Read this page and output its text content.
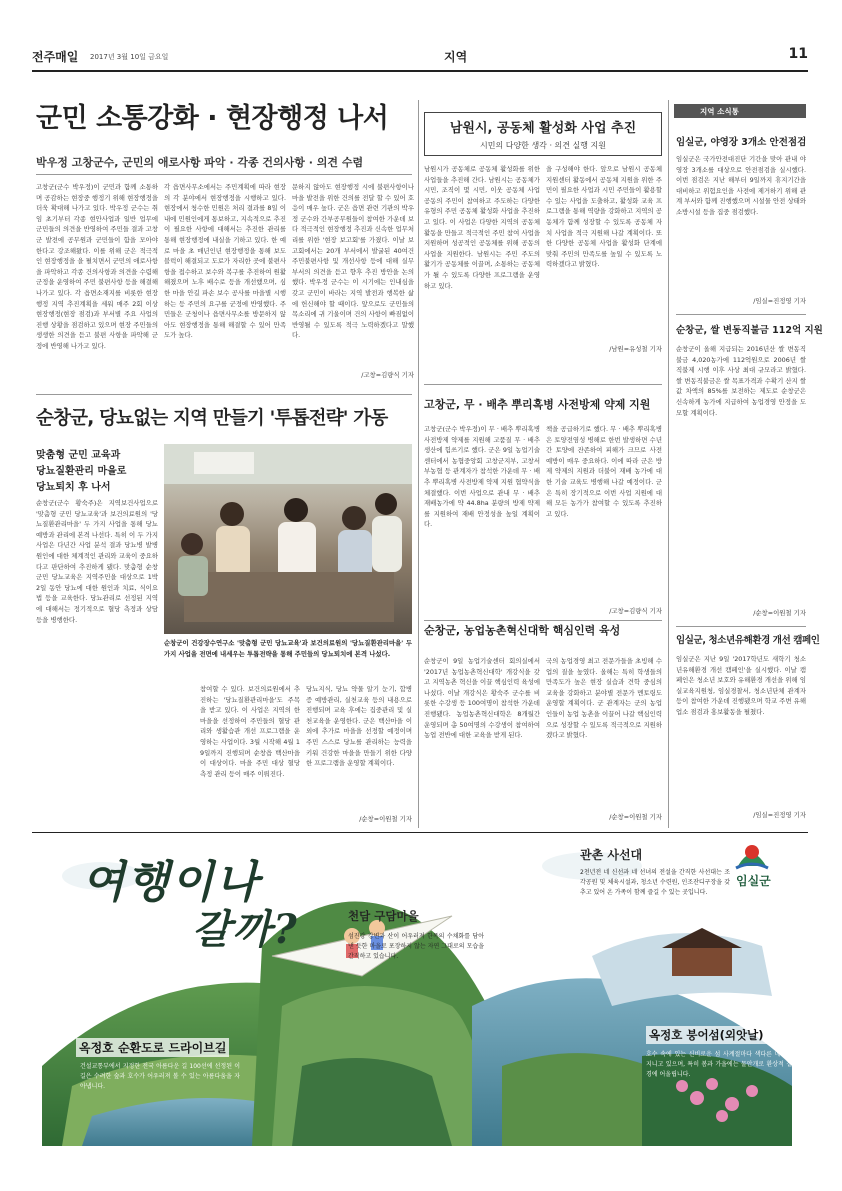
전주매일 2017년 3월 10일 금요일	지역	11
군민 소통강화 · 현장행정 나서
박우정 고창군수, 군민의 애로사항 파악 · 각종 건의사항 · 의견 수렴
고창군(군수 박우정)이 군민과 함께 소통하며 공감하는 현장중 행정기 위해 현장행정을 더욱 확대해 나가고 있다. 박우정 군수는 취임 초기부터 각종 현안사업과 일반 업무에 군민들의 의견을 반영하여 주민들 결과 고창군 발전에 공무원과 군민들이 함을 모아야 한다고 강조해왔다. 이를 위해 군은 적극적인 현장행정을 을 펼치면서 군민의 애로사항을 파악하고 각종 건의사항과 의견을 수렴해 군정을 운영하여 주민 불편사항 등을 해결해 나가고 있다. 각 읍면소재지를 비롯한 현장행정 지역 추진계획을 세워 매주 2회 이상 현장행정(현장 점검)과 부서별 주요 사업의 진행 상황을 점검하고 있으며 현장 주민들의 생생한 의견을 듣고 불편 사항을 파악해 군정에 반영해 나가고 있다.
각 읍면사무소에서는 주민계획에 따라 현장의 각 분야에서 현장행정을 시행하고 있다. 현장에서 청수한 민원은 처리 결과를 8일 이내에 민원인에게 통보하고, 지속적으로 추진이 필요한 사항에 대해서는 추진한 관리를 통해 현장행정에 내실을 기하고 있다. 한 예로 마을 초 매년인년 현장행정을 통해 보도블럭이 해결되고 도로가 자리한 곳에 불편사항을 접수하고 보수와 복구를 추진하여 원활해졌으며 노후 배수로 등을 개선했으며, 심한 마을 안길 파손 보수 공사를 마을별 시행하는 등 주민의 요구를 군정에 반영했다. 주민들은 군청이나 읍면사무소를 방문하지 않아도 현장행정을 통해 해결할 수 있어 만족도가 높다.
문하지 않아도 현장행정 시에 불편사항이나 마을 발전을 위한 건의를 전달 할 수 있어 호응이 매우 높다. 군은 읍면 관련 기관의 박우정 군수와 간부공무원들이 참여한 가운데 보다 적극적인 현장행정 추진과 신속한 업무처리를 위한 '현장 보고회'를 가졌다. 이날 보고회에서는 20개 부서에서 발굴된 40여건 주민불편사항 및 개선사항 등에 대해 실무 부서의 의견을 듣고 향후 추진 방안을 논의했다. 박우정 군수는 이 시기에는 인내심을 갖고 군민이 바라는 지역 발전과 행복한 삶에 헌신해야 할 때이다. 앞으로도 군민들의 목소리에 귀 기울이며 건의 사항이 빠짐없이 반영될 수 있도록 적극 노력하겠다고 말했다.
/고창=김량식 기자
남원시, 공동체 활성화 사업 추진
시민의 다양한 생각 · 의견 실행 지원
남원시가 공동체로 공동체 활성화를 위한 사업들을 추진해 간다. 남원시는 공동체가 시민, 조직이 몇 시민, 이웃 공동체 사업 공동의 주민이 참여하고 주도하는 다양한 유형의 주민 공동체 활성화 사업을 추진하고 있다. 이 사업은 다양한 지역의 공동체 활동을 만들고 적극적인 주민 참여 사업을 지원하며 성공적인 공동체를 위해 공동의 사업을 지원한다. 남원시는 주민 주도의 활기가 공동체를 이끌며, 소통하는 공동체가 될 수 있도록 다양한 프로그램을 운영하고 있다.
을 구성해야 한다. 앞으로 남원시 공동체 지원센터 활동에서 공동체 지원을 위한 주민이 필요한 사업과 시민 주민들이 활용할 수 있는 사업을 도출하고, 활성화 교육 프로그램을 통해 역량을 강화하고 지역의 공동체가 함께 성장할 수 있도록 공동체 자치 사업을 적극 지원해 나갈 계획이다. 또한 다양한 공동체 사업을 활성화 단계에 맞춰 주민의 만족도를 높일 수 있도록 노력하겠다고 밝혔다.
/남원=유성철 기자
고창군, 무 · 배추 뿌리혹병 사전방제 약제 지원
고창군(군수 박우정)이 무 · 배추 뿌리혹병 사전방제 약제를 지원해 고품질 무 · 배추 생산에 힘쓰기로 했다. 군은 9일 농업기술센터에서 농협중앙회 고창군지부, 고창서부농협 등 관계자가 참석한 가운데 무 · 배추 뿌리혹병 사전방제 약제 지원 협약식을 체결했다. 이번 사업으로 관내 무 · 배추 재배농가에 약 44.8ha 분량의 방제 약제를 지원하여 재배 안정성을 높일 계획이다.
책을 공급하기로 했다. 무 · 배추 뿌리혹병은 토양전염성 병해로 한번 발생하면 수년간 토양에 잔존하여 피해가 크므로 사전 예방이 매우 중요하다. 이에 따라 군은 방제 약제의 지원과 더불어 재배 농가에 대한 기술 교육도 병행해 나갈 예정이다. 군은 특히 장기적으로 이번 사업 지원에 대해 모든 농가가 참여할 수 있도록 추진하고 있다.
/고창=김량식 기자
순창군, 당뇨없는 지역 만들기 '투톱전략' 가동
맞춤형 군민 교육과
당뇨질환관리 마을로
당뇨퇴치 후 나서
순창군(군수 황숙주)은 지역보건사업으로 '맞춤형 군민 당뇨교육'과 보건의료원의 '당뇨질환관리마을' 두 가지 사업을 통해 당뇨 예방과 관리에 본격 나선다. 특히 이 두 가지 사업은 다년간 사업 분석 결과 당뇨병 발병 원인에 대한 체계적인 관리와 교육이 중요하다고 판단하여 추진하게 됐다. 맞춤형 순창군민 당뇨교육은 지역주민을 대상으로 1박 2일 동안 당뇨에 대한 원인과 치료, 식이요법 등을 교육한다. 당뇨관리로 선정된 지역에 대해서는 정기적으로 혈당 측정과 상담 등을 병행한다.
순창군이 건강장수연구소 '맞춤형 군민 당뇨교육'과 보건의료원의 '당뇨질환관리마을' 두가지 사업을 전면에 내세우는 투톱전략을 통해 주민들의 당뇨퇴치에 본격 나섰다.
참여할 수 있다. 보건의료원에서 추진하는 '당뇨질환관리마을'도 주목을 받고 있다. 이 사업은 지역의 한 마을을 선정하여 주민들의 혈당 관리와 생활습관 개선 프로그램을 운영하는 사업이다. 3월 시작해 4월 19일까지 진행되며 순창읍 백산마을이 대상이다. 마을 주민 대상 혈당 측정 관리 등이 매주 이뤄진다.
당뇨지식, 당뇨 약물 알기 눈기, 합병증 예방관리, 실천교육 등의 내용으로 진행되며 교육 후에는 집중관리 및 실천교육을 운영한다. 군은 백산마을 이외에 추가로 마을을 선정할 예정이며 주민 스스로 당뇨를 관리하는 능력을 키워 건강한 마을을 만들기 위한 다양한 프로그램을 운영할 계획이다.
순창군, 농업농촌혁신대학 핵심인력 육성
순창군이 9일 농업기술센터 회의실에서 '2017년 농업농촌혁신대학' 개강식을 갖고 지역농촌 혁신을 이끌 핵심인력 육성에 나섰다. 이날 개강식은 황숙주 군수를 비롯한 수강생 등 100여명이 참석한 가운데 진행됐다. 농업농촌혁신대학은 8개월간 운영되며 총 50여명의 수강생이 참여하여 농업 전반에 대한 교육을 받게 된다.
국의 농업경영 최고 전문가들을 초빙해 수업의 질을 높였다. 올해는 특히 학생들의 만족도가 높은 현장 실습과 견학 중심의 교육을 강화하고 분야별 전문가 멘토링도 운영할 계획이다. 군 관계자는 군의 농업인들이 농업 농촌을 이끌어 나갈 핵심인력으로 성장할 수 있도록 적극적으로 지원하겠다고 밝혔다.
/순창=이원철 기자
/순창=이원철 기자
지역 소식통
임실군, 야영장 3개소 안전점검
임실군은 국가안전대진단 기간을 맞아 관내 야영장 3개소를 대상으로 안전점검을 실시했다. 이번 점검은 지난 해부터 9일까지 휴지기간을 대비하고 위험요인을 사전에 제거하기 위해 관계 부서와 함께 진행했으며 시설물 안전 상태와 소방시설 등을 집중 점검했다.
/임실=진정영 기자
순창군, 쌀 변동직불금 112억 지원
순창군이 올해 지급되는 2016년산 쌀 변동직불금 4,020농가에 112억원으로 2006년 쌀 직불제 시행 이후 사상 최대 규모라고 밝혔다. 쌀 변동직불금은 쌀 목표가격과 수확기 산지 쌀값 차액의 85%를 보전하는 제도로 순창군은 신속하게 농가에 지급하여 농업경영 안정을 도모할 계획이다.
/순창=이원철 기자
임실군, 청소년유해환경 개선 캠페인
임실군은 지난 9일 '2017학년도 새학기 청소년유해환경 개선 캠페인'을 실시했다. 이날 캠페인은 청소년 보호와 유해환경 개선을 위해 임실교육지원청, 임실경찰서, 청소년단체 관계자 등이 참여한 가운데 진행됐으며 학교 주변 유해업소 점검과 홍보활동을 펼쳤다.
/임실=진정영 기자
여행이나
갈까?
임실군
관촌 사선대
2천년전 네 신선과 네 선녀의 전설을 간직한 사선대는 조각공원 및 체육시설과, 청소년 수련원, 인조잔디구장을 갖추고 있어 온 가족이 함께 즐길 수 있는 곳입니다.
천담 구담마을
섬진강 강변과 산이 어우러져 한폭의 수채화를 담아 낸 듯한 마을로 포장하지 않는 자연 그대로의 모습을 간직하고 있습니다.
옥정호 순환도로 드라이브길
건설교통부에서 지정한 전국 아름다운 길 100선에 선정된 이 길은 수려한 숲과 호수가 어우러져 볼 수 있는 아름다움을 자아냅니다.
옥정호 붕어섬(외앗날)
호수 속에 있는 신비로운 섬 사계절마다 색다른 매력을 지니고 있으며, 특히 봄과 가을에는 물안개로 환상적 절경에 어울립니다.
